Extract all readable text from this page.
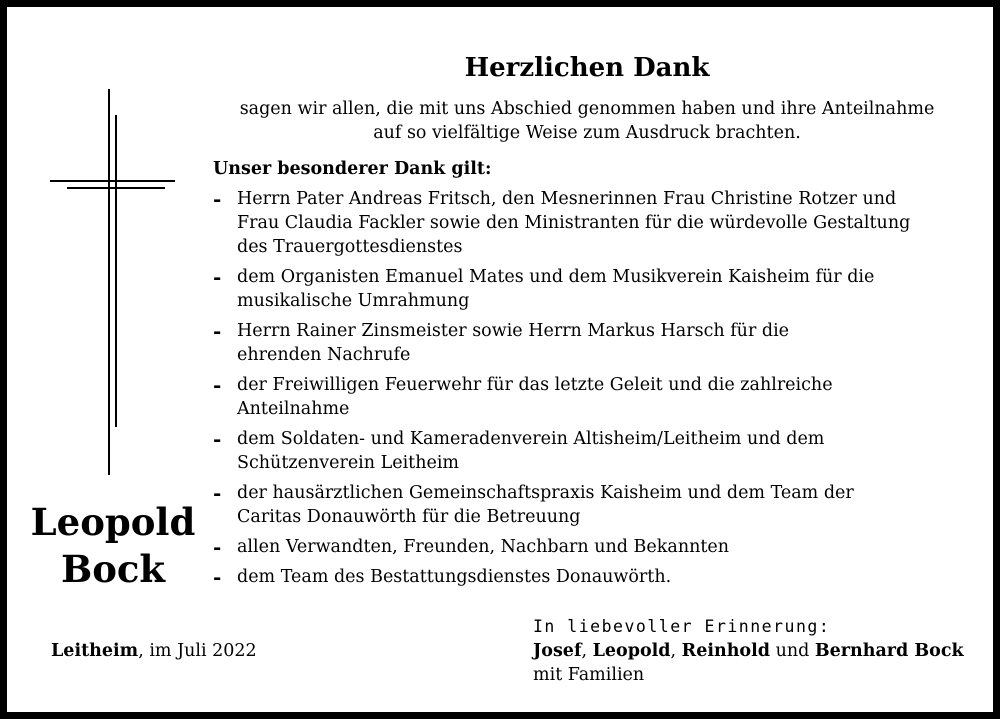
Leopold
Bock
Herzlichen Dank
sagen wir allen, die mit uns Abschied genommen haben und ihre Anteilnahme
auf so vielfältige Weise zum Ausdruck brachten.
Unser besonderer Dank gilt:
- Herrn Pater Andreas Fritsch, den Mesnerinnen Frau Christine Rotzer und
Frau Claudia Fackler sowie den Ministranten für die würdevolle Gestaltung
des Trauergottesdienstes
- dem Organisten Emanuel Mates und dem Musikverein Kaisheim für die
musikalische Umrahmung
- Herrn Rainer Zinsmeister sowie Herrn Markus Harsch für die
ehrenden Nachrufe
- der Freiwilligen Feuerwehr für das letzte Geleit und die zahlreiche
Anteilnahme
- dem Soldaten- und Kameradenverein Altisheim/Leitheim und dem
Schützenverein Leitheim
- der hausärztlichen Gemeinschaftspraxis Kaisheim und dem Team der
Caritas Donauwörth für die Betreuung
- allen Verwandten, Freunden, Nachbarn und Bekannten
- dem Team des Bestattungsdienstes Donauwörth.
Leitheim, im Juli 2022
In liebevoller Erinnerung:
Josef, Leopold, Reinhold und Bernhard Bock
mit Familien
